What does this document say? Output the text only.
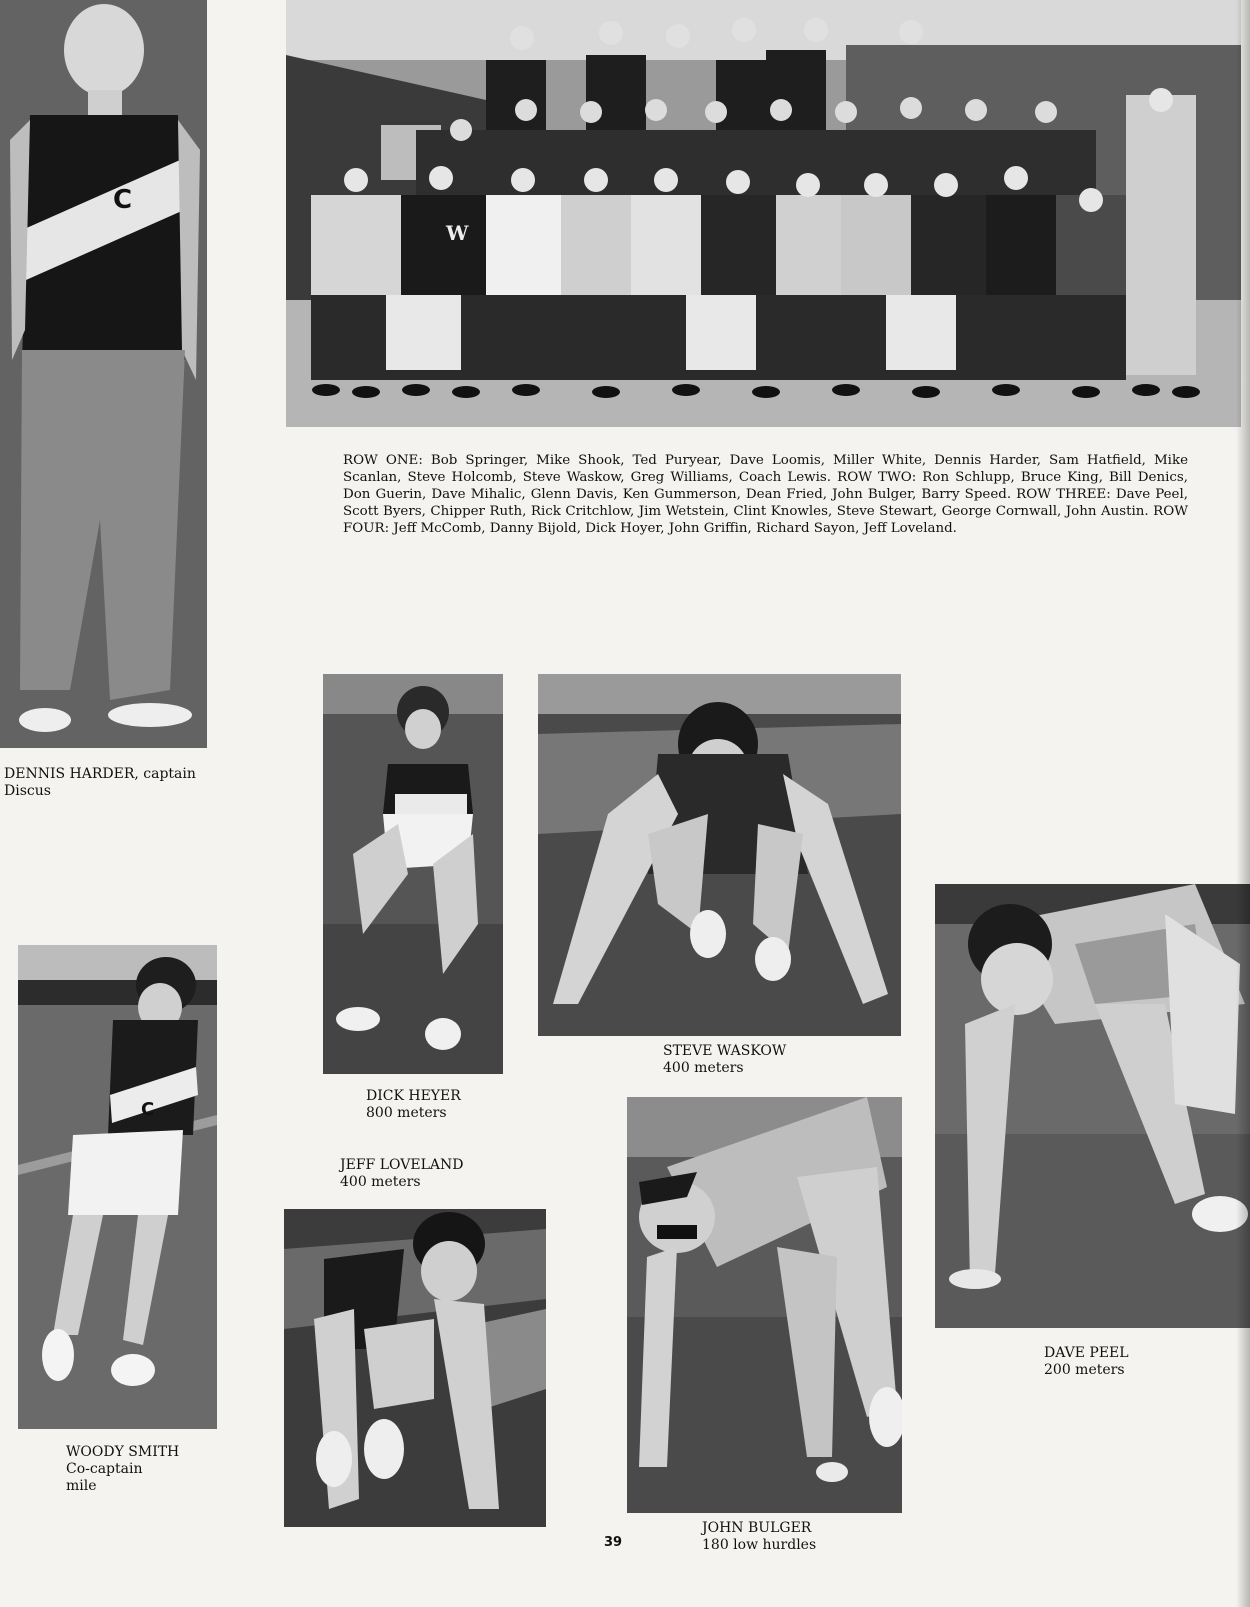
C
W
ROW ONE: Bob Springer, Mike Shook, Ted Puryear, Dave Loomis, Miller White, Dennis Harder, Sam Hatfield, Mike Scanlan, Steve Holcomb, Steve Waskow, Greg Williams, Coach Lewis. ROW TWO: Ron Schlupp, Bruce King, Bill Denics, Don Guerin, Dave Mihalic, Glenn Davis, Ken Gummerson, Dean Fried, John Bulger, Barry Speed. ROW THREE: Dave Peel, Scott Byers, Chipper Ruth, Rick Critchlow, Jim Wetstein, Clint Knowles, Steve Stewart, George Cornwall, John Austin. ROW FOUR: Jeff McComb, Danny Bijold, Dick Hoyer, John Griffin, Richard Sayon, Jeff Loveland.
DENNIS HARDER, captain
Discus
DICK HEYER
800 meters
STEVE WASKOW
400 meters
DAVE PEEL
200 meters
C
WOODY SMITH
Co-captain
mile
JEFF LOVELAND
400 meters
JOHN BULGER
180 low hurdles
39
